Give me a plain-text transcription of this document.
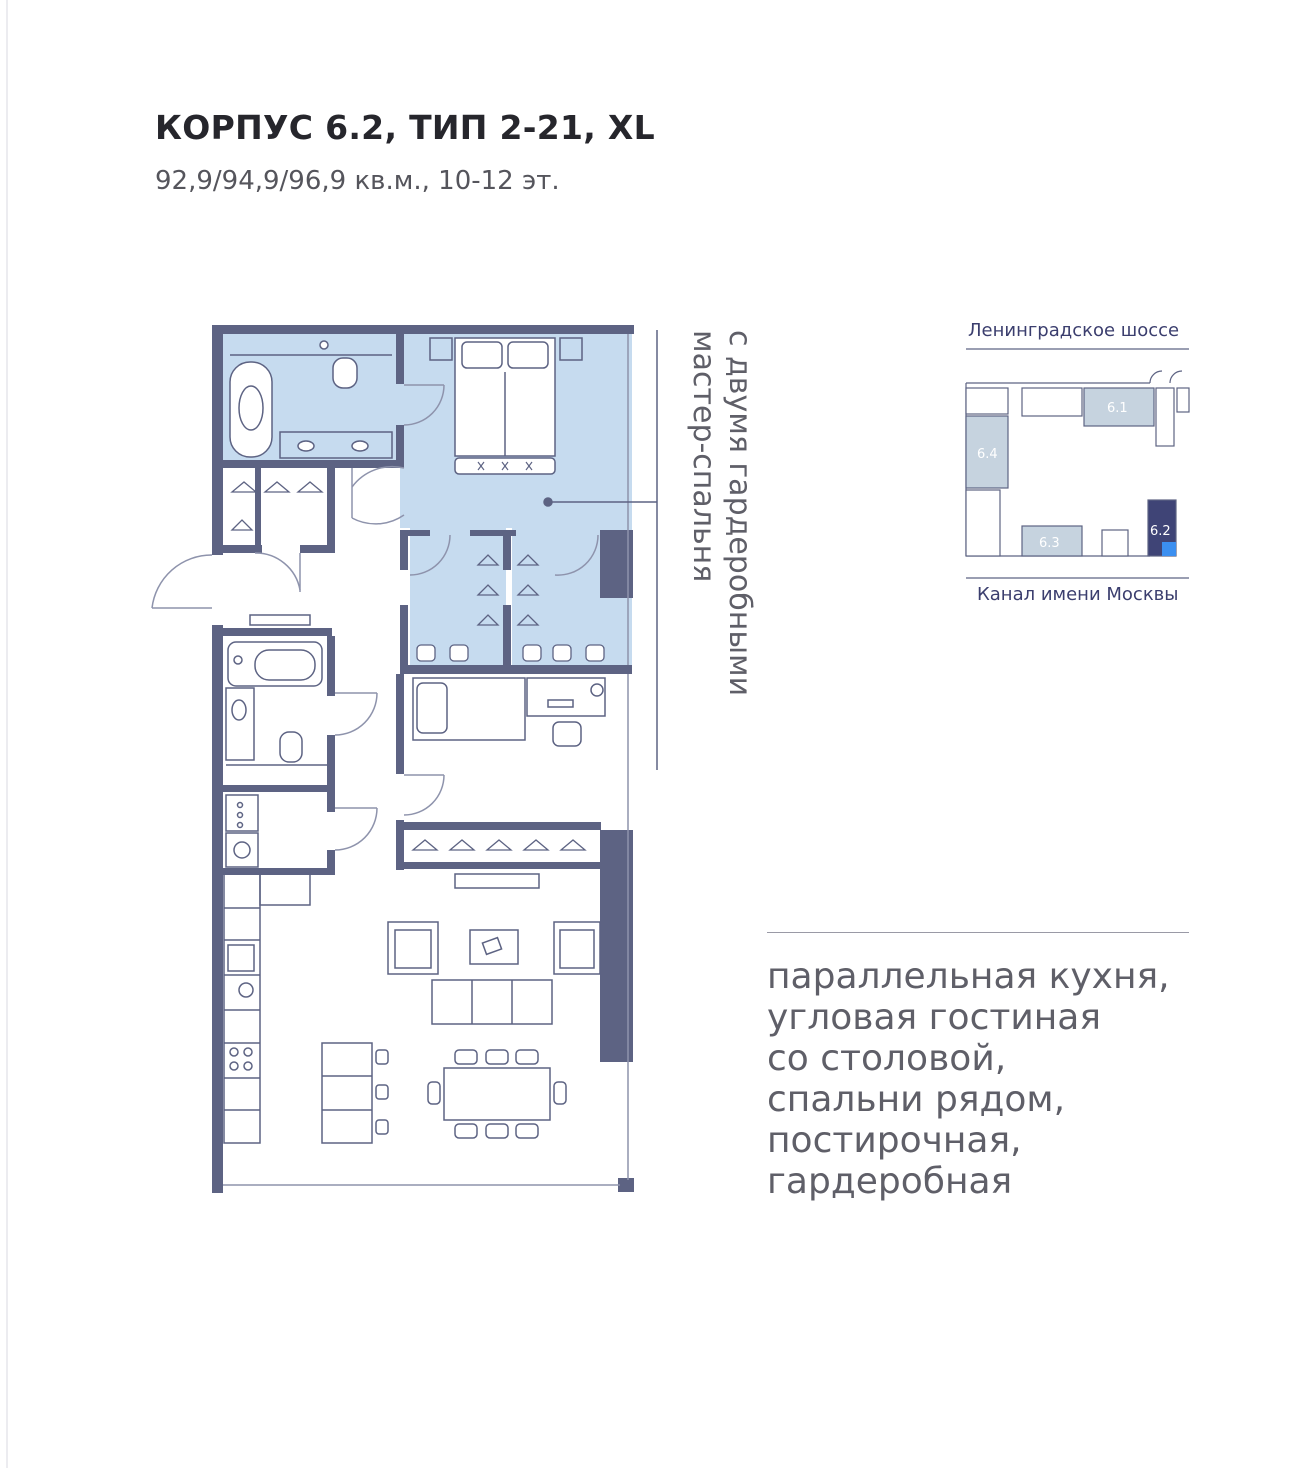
КОРПУС 6.2, ТИП 2-21, XL
92,9/94,9/96,9 кв.м., 10-12 эт.
мастер-спальня с двумя гардеробными	Ленинградское шоссе
6.1
6.4
6.3
6.2
Канал имени Москвы
параллельная кухня,
угловая гостиная
со столовой,
спальни рядом,
постирочная,
гардеробная
